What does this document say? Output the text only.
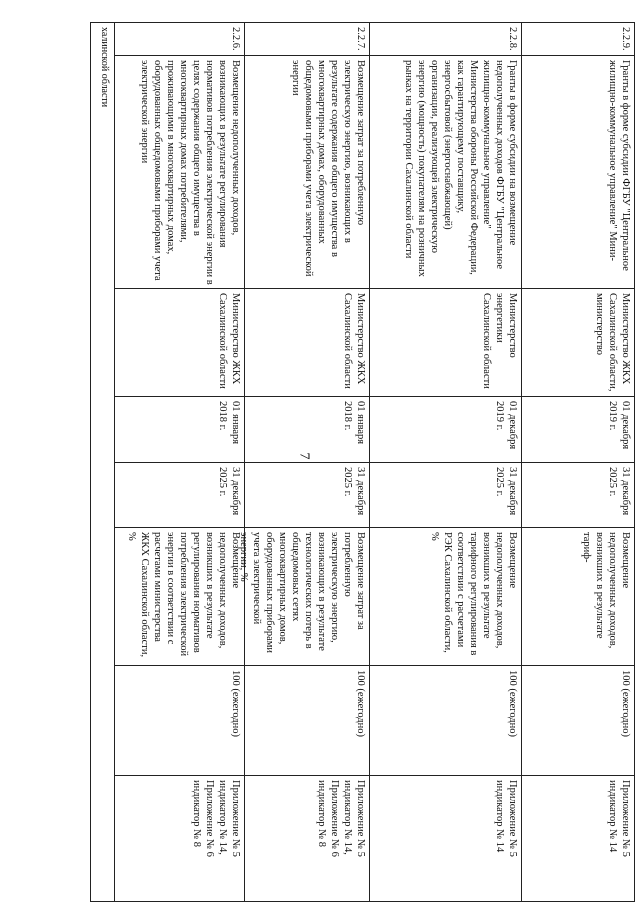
7
халинской области	2.2.6.
Возмещение недополученных доходов, возникающих в результате регулирования нормативов потребления электрической энергии в целях содержания общего имущества в многоквартирных домах потребителями, проживающими в многоквартирных домах, оборудованных общедомовыми приборами учета электрической энергии
Министерство ЖКХ Сахалинской области
01 января 2018 г.
31 декабря 2025 г.
Возмещение недополученных доходов, возникших в результате регулирования нормативов потребления электрической энергии в соответствии с расчетами министерства ЖКХ Сахалинской области, %
100 (ежегодно)
Приложение № 5 индикатор № 14, Приложение № 6 индикатор № 8
2.2.7.
Возмещение затрат за потребленную электрическую энергию, возникающих в результате содержания общего имущества в многоквартирных домах, оборудованных общедомовыми приборами учета электрической энергии
Министерство ЖКХ Сахалинской области
01 января 2018 г.
31 декабря 2025 г.
Возмещение затрат за потребленную электрическую энергию, возникающих в результате технологических потерь в общедомовых сетях многоквартирных домов, оборудованных приборами учета электрической энергии, %
100 (ежегодно)
Приложение № 5 индикатор № 14, Приложение № 6 индикатор № 8
2.2.8.
Гранты в форме субсидии на возмещение недополученных доходов ФГБУ "Центральное жилищно-коммунальное управление" Министерства обороны Российской Федерации, как гарантирующему поставщику, энергосбытовой (энергоснабжающей) организации, реализующей электрическую энергию (мощность) покупателям на розничных рынках на территории Сахалинской области
Министерство энергетики Сахалинской области
01 декабря 2019 г.
31 декабря 2025 г.
Возмещение недополученных доходов, возникших в результате тарифного регулирования в соответствии с расчетами РЭК Сахалинской области, %
100 (ежегодно)
Приложение № 5 индикатор № 14
2.2.9.
Гранты в форме субсидии ФГБУ "Центральное жилищно-коммунальное управление" Мини-
Министерство ЖКХ Сахалинской области, министерство
01 декабря 2019 г.
31 декабря 2025 г.
Возмещение недополученных доходов, возникших в результате тариф-
100 (ежегодно)
Приложение № 5 индикатор № 14
